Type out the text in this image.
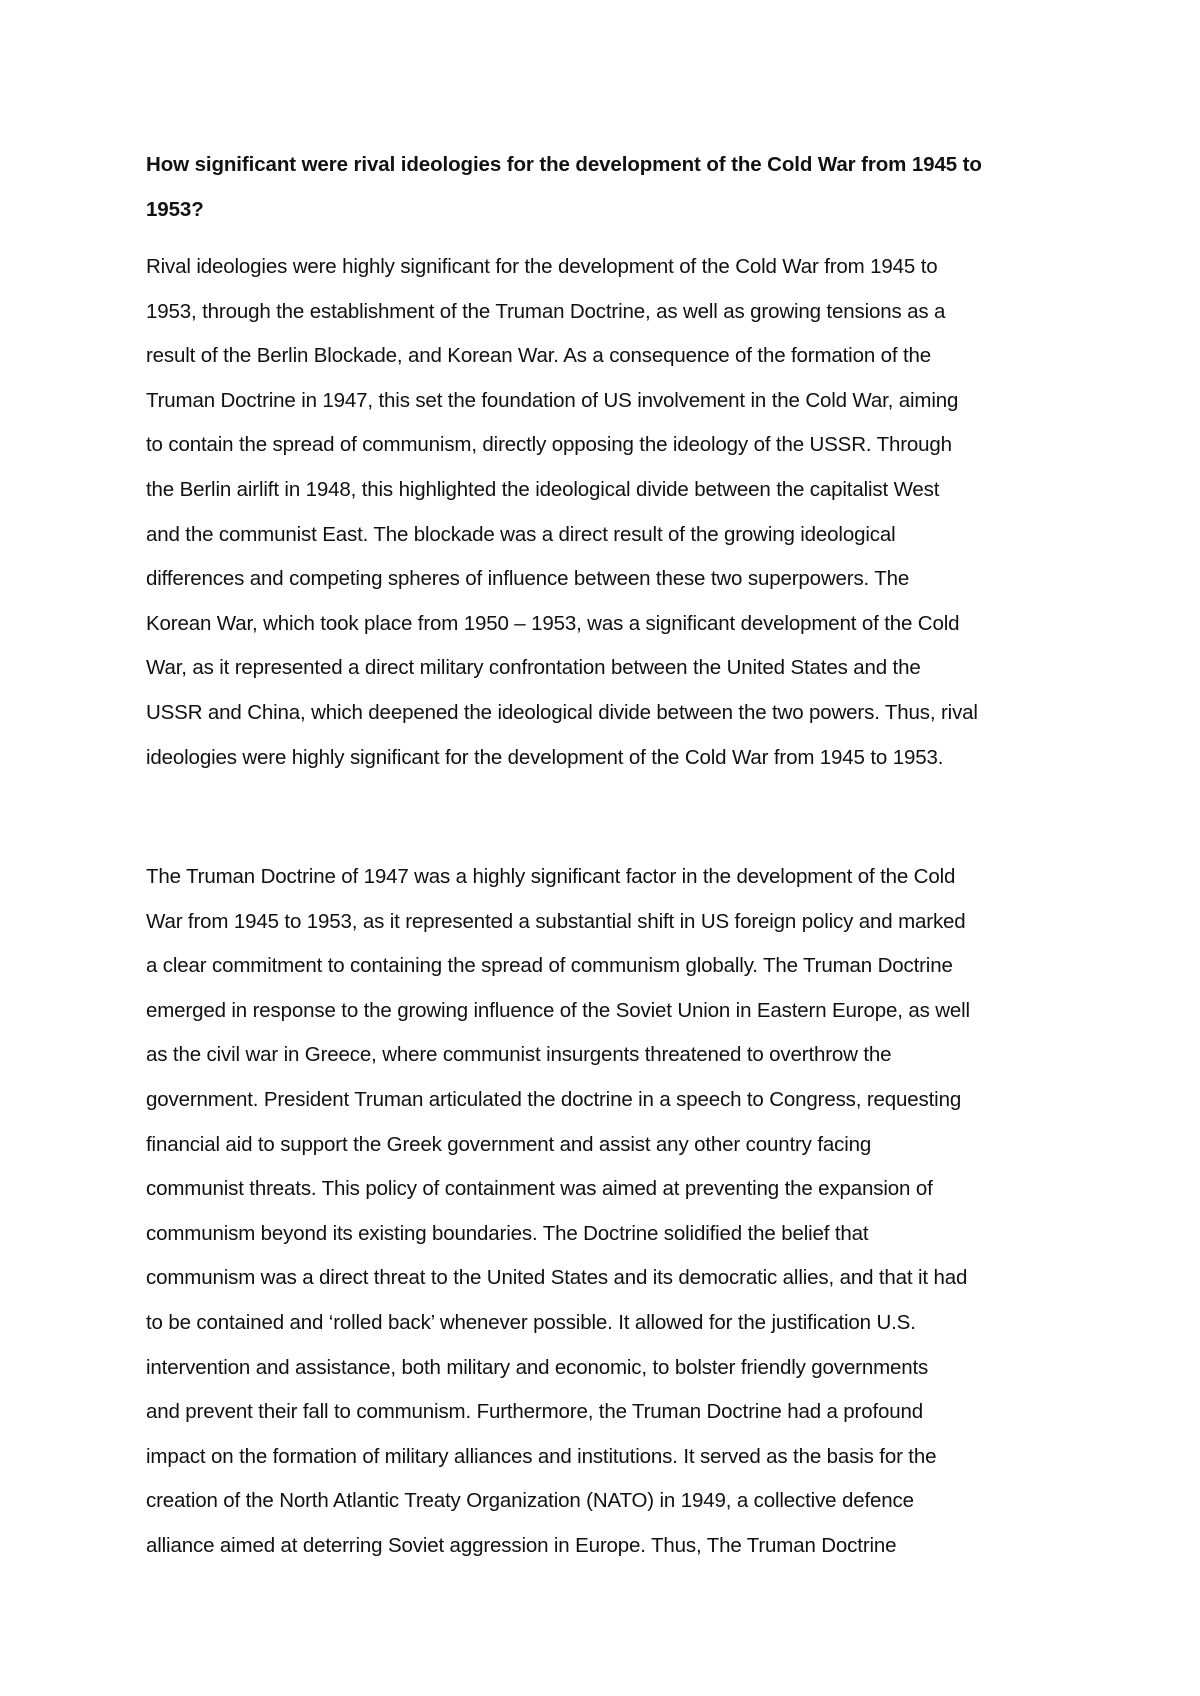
How significant were rival ideologies for the development of the Cold War from 1945 to
1953?

Rival ideologies were highly significant for the development of the Cold War from 1945 to
1953, through the establishment of the Truman Doctrine, as well as growing tensions as a
result of the Berlin Blockade, and Korean War. As a consequence of the formation of the
Truman Doctrine in 1947, this set the foundation of US involvement in the Cold War, aiming
to contain the spread of communism, directly opposing the ideology of the USSR. Through
the Berlin airlift in 1948, this highlighted the ideological divide between the capitalist West
and the communist East. The blockade was a direct result of the growing ideological
differences and competing spheres of influence between these two superpowers. The
Korean War, which took place from 1950 – 1953, was a significant development of the Cold
War, as it represented a direct military confrontation between the United States and the
USSR and China, which deepened the ideological divide between the two powers. Thus, rival
ideologies were highly significant for the development of the Cold War from 1945 to 1953.

The Truman Doctrine of 1947 was a highly significant factor in the development of the Cold
War from 1945 to 1953, as it represented a substantial shift in US foreign policy and marked
a clear commitment to containing the spread of communism globally. The Truman Doctrine
emerged in response to the growing influence of the Soviet Union in Eastern Europe, as well
as the civil war in Greece, where communist insurgents threatened to overthrow the
government. President Truman articulated the doctrine in a speech to Congress, requesting
financial aid to support the Greek government and assist any other country facing
communist threats. This policy of containment was aimed at preventing the expansion of
communism beyond its existing boundaries. The Doctrine solidified the belief that
communism was a direct threat to the United States and its democratic allies, and that it had
to be contained and ‘rolled back’ whenever possible. It allowed for the justification U.S.
intervention and assistance, both military and economic, to bolster friendly governments
and prevent their fall to communism. Furthermore, the Truman Doctrine had a profound
impact on the formation of military alliances and institutions. It served as the basis for the
creation of the North Atlantic Treaty Organization (NATO) in 1949, a collective defence
alliance aimed at deterring Soviet aggression in Europe. Thus, The Truman Doctrine
